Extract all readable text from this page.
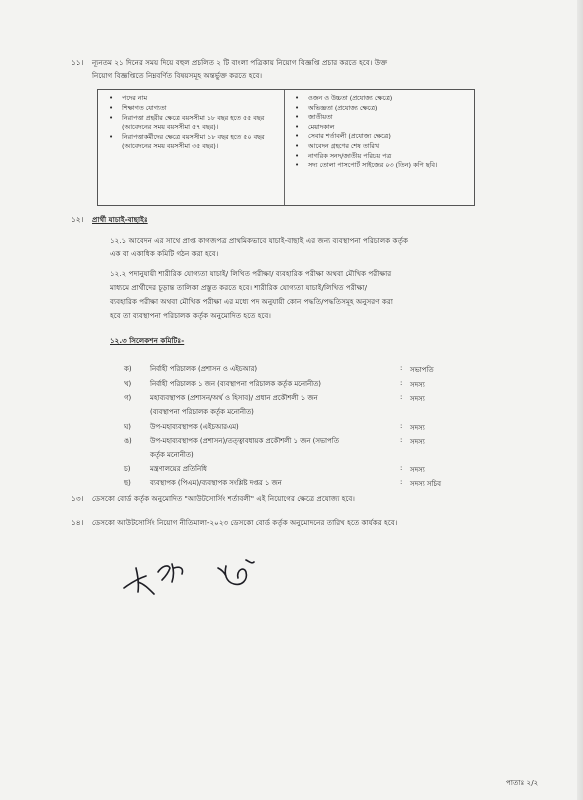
১১। ন্যূনতম ২১ দিনের সময় দিয়ে বহুল প্রচলিত ২ টি বাংলা পত্রিকায় নিয়োগ বিজ্ঞপ্তি প্রচার করতে হবে। উক্ত
নিয়োগ বিজ্ঞপ্তিতে নিম্নবর্ণিত বিষয়সমূহ অন্তর্ভুক্ত করতে হবে।
• পদের নাম
• শিক্ষাগত যোগ্যতা
• নিরাপত্তা প্রহরীর ক্ষেত্রে বয়সসীমা ১৮ বছর হতে ৫৫ বছর (আবেদনের সময় বয়সসীমা ৫৭ বছর)।
• নিরাপত্তাকর্মীদের ক্ষেত্রে বয়সসীমা ১৮ বছর হতে ৫০ বছর (আবেদনের সময় বয়সসীমা ৩৫ বছর)।
• ওজন ও উচ্চতা (প্রযোজ্য ক্ষেত্রে)
• অভিজ্ঞতা (প্রযোজ্য ক্ষেত্রে)
• জাতীয়তা
• মেয়াদকাল
• সেবার শর্তাবলী (প্রযোজ্য ক্ষেত্রে)
• আবেদন গ্রহণের শেষ তারিখ
• নাগরিক সনদ/জাতীয় পরিচয় পত্র
• সদ্য তোলা পাসপোর্ট সাইজের ০৩ (তিন) কপি ছবি।
১২। প্রার্থী যাচাই-বাছাইঃ
১২.১ আবেদন এর সাথে প্রাপ্ত কাগজপত্র প্রাথমিকভাবে যাচাই-বাছাই এর জন্য ব্যবস্থাপনা পরিচালক কর্তৃক
এক বা একাধিক কমিটি গঠন করা হবে।
১২.২ পদানুযায়ী শারীরিক যোগ্যতা যাচাই/ লিখিত পরীক্ষা/ ব্যবহারিক পরীক্ষা অথবা মৌখিক পরীক্ষার
মাধ্যমে প্রার্থীদের চূড়ান্ত তালিকা প্রস্তুত করতে হবে। শারীরিক যোগ্যতা যাচাই/লিখিত পরীক্ষা/
ব্যবহারিক পরীক্ষা অথবা মৌখিক পরীক্ষা এর মধ্যে পদ অনুযায়ী কোন পদ্ধতি/পদ্ধতিসমূহ অনুসরণ করা
হবে তা ব্যবস্থাপনা পরিচালক কর্তৃক অনুমোদিত হতে হবে।
১২.৩ সিলেকশন কমিটিঃ-
ক)	নির্বাহী পরিচালক (প্রশাসন ও এইচআর)	: সভাপতি
খ)	নির্বাহী পরিচালক ১ জন (ব্যবস্থাপনা পরিচালক কর্তৃক মনোনীত)	: সদস্য
গ)	মহাব্যবস্থাপক (প্রশাসন/অর্থ ও হিসাব)/ প্রধান প্রকৌশলী ১ জন
(ব্যবস্থাপনা পরিচালক কর্তৃক মনোনীত)
: সদস্য
ঘ)	উপ-মহাব্যবস্থাপক (এইচআরএম)	: সদস্য
ঙ)	উপ-মহাব্যবস্থাপক (প্রশাসন)/তত্ত্বাবধায়ক প্রকৌশলী ১ জন (সভাপতি
কর্তৃক মনোনীত)
: সদস্য
চ)	মন্ত্রণালয়ের প্রতিনিধি	: সদস্য
ছ)	ব্যবস্থাপক (পিএম)/ব্যবস্থাপক সংশ্লিষ্ট দপ্তর ১ জন	: সদস্য সচিব
১৩। ডেসকো বোর্ড কর্তৃক অনুমোদিত "আউটসোর্সিং শর্তাবলী" এই নিয়োগের ক্ষেত্রে প্রযোজ্য হবে।
১৪। ডেসকো আউটসোর্সিং নিয়োগ নীতিমালা-২০২৩ ডেসকো বোর্ড কর্তৃক অনুমোদনের তারিখ হতে কার্যকর হবে।
পাতাঃ ২/২
